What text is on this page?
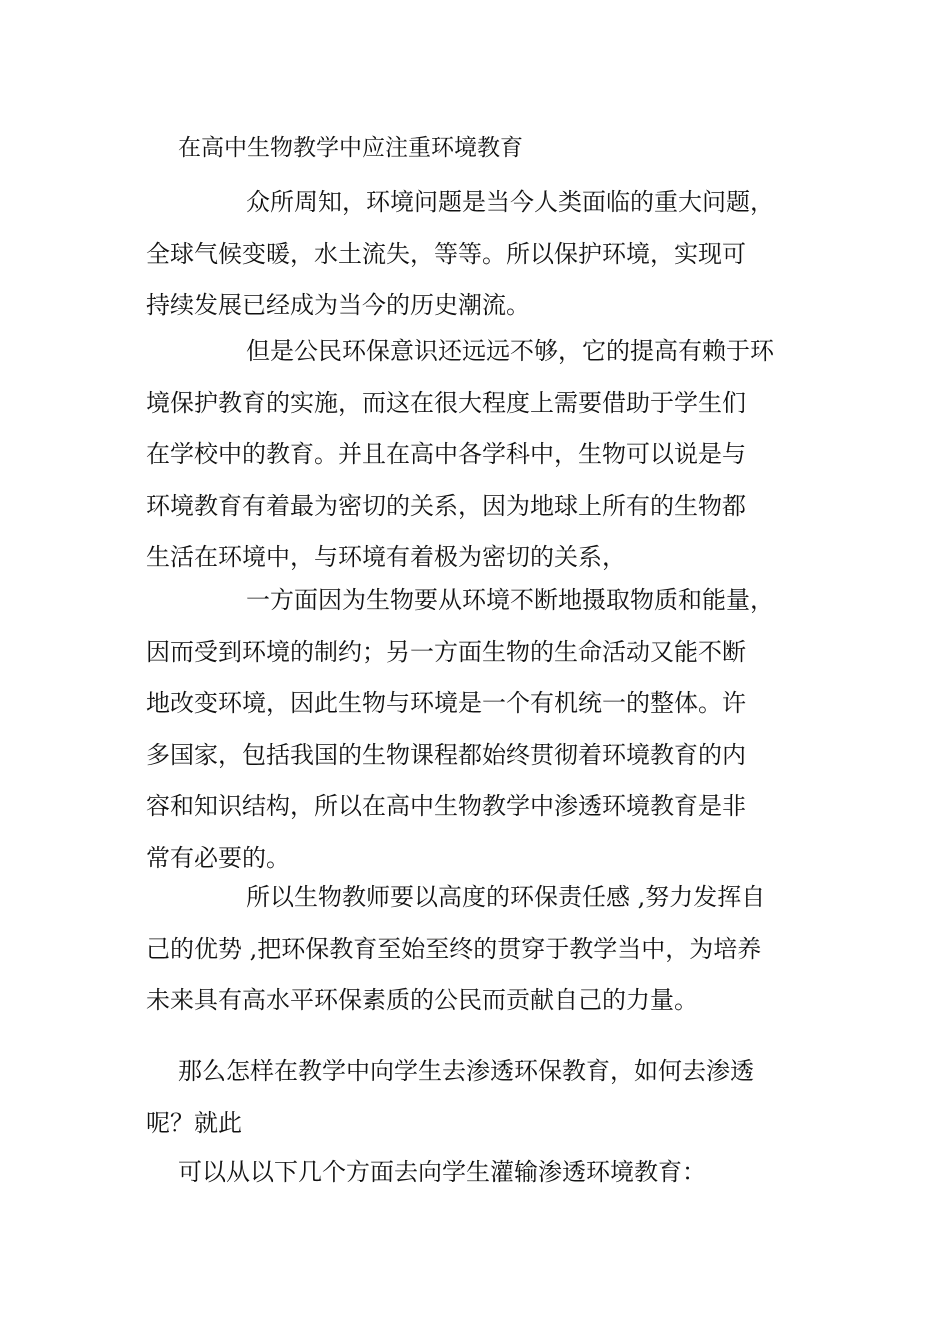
在高中生物教学中应注重环境教育
众所周知，环境问题是当今人类面临的重大问题，
全球气候变暖，水土流失，等等。所以保护环境，实现可
持续发展已经成为当今的历史潮流。
但是公民环保意识还远远不够，它的提高有赖于环
境保护教育的实施，而这在很大程度上需要借助于学生们
在学校中的教育。并且在高中各学科中，生物可以说是与
环境教育有着最为密切的关系，因为地球上所有的生物都
生活在环境中，与环境有着极为密切的关系，
一方面因为生物要从环境不断地摄取物质和能量，
因而受到环境的制约；另一方面生物的生命活动又能不断
地改变环境，因此生物与环境是一个有机统一的整体。许
多国家，包括我国的生物课程都始终贯彻着环境教育的内
容和知识结构，所以在高中生物教学中渗透环境教育是非
常有必要的。
所以生物教师要以高度的环保责任感 ,努力发挥自
己的优势 ,把环保教育至始至终的贯穿于教学当中，为培养
未来具有高水平环保素质的公民而贡献自己的力量。
那么怎样在教学中向学生去渗透环保教育，如何去渗透
呢？就此
可以从以下几个方面去向学生灌输渗透环境教育：
